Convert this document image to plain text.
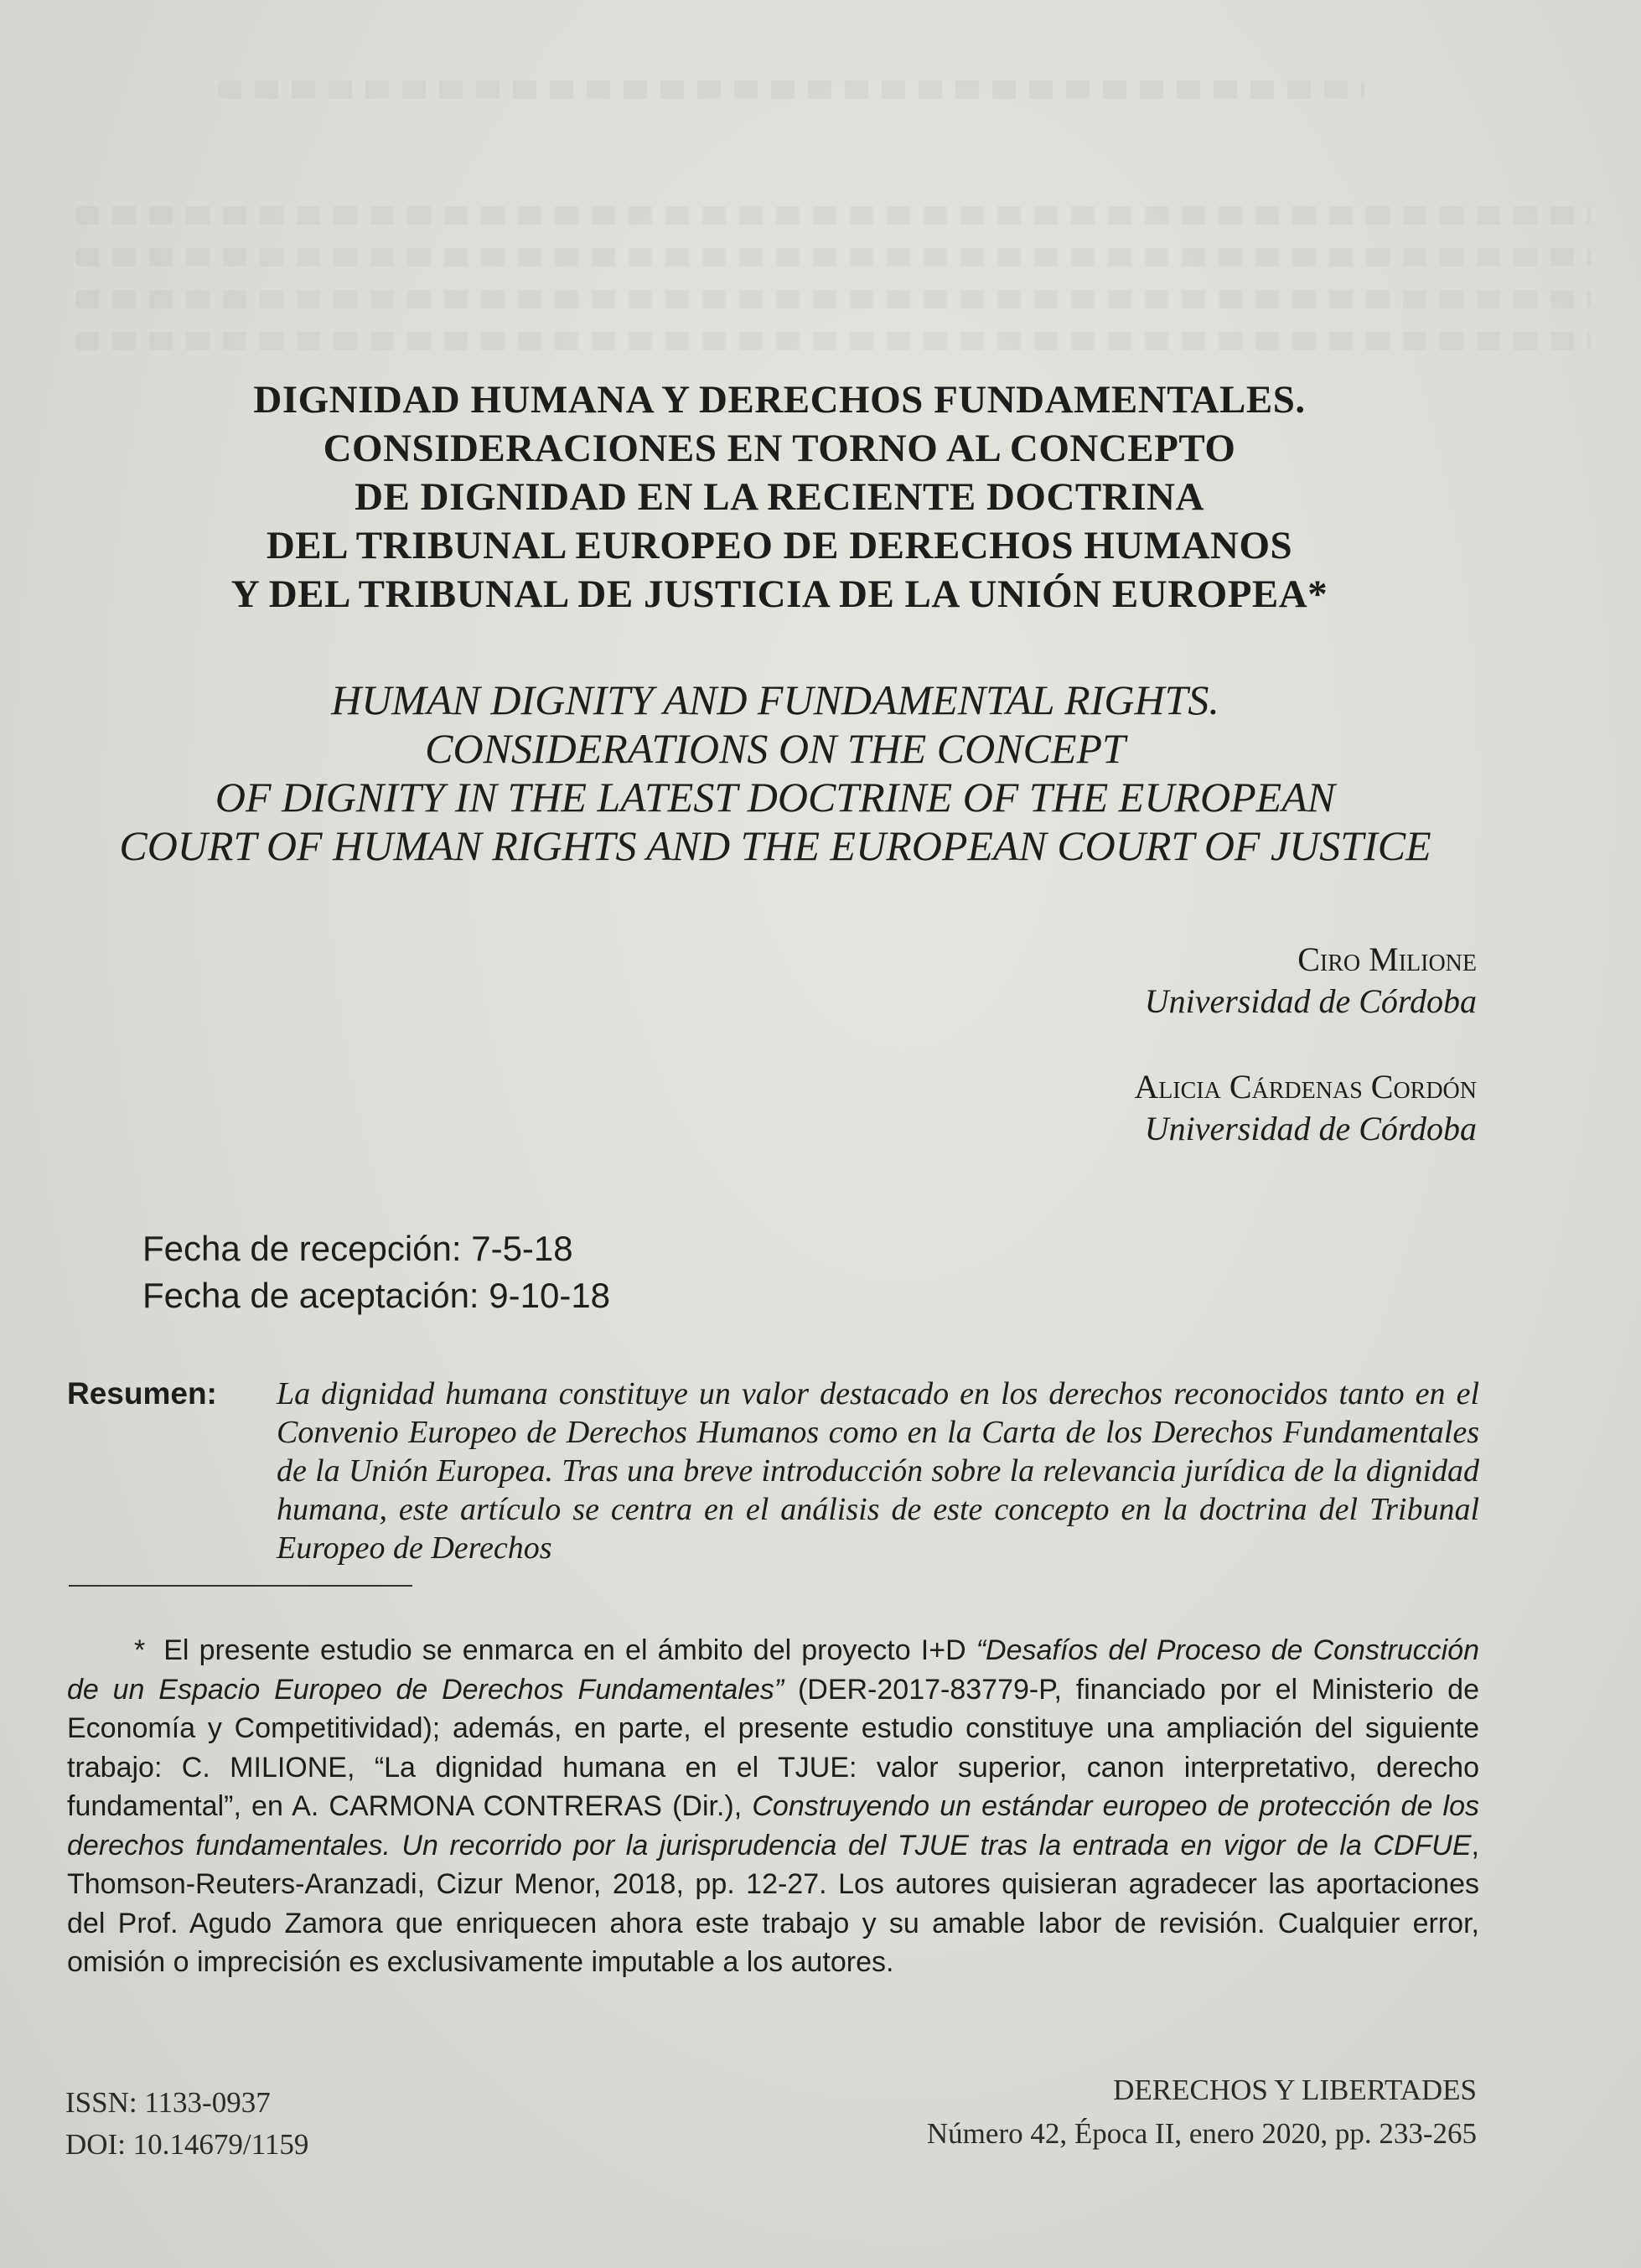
DIGNIDAD HUMANA Y DERECHOS FUNDAMENTALES.
CONSIDERACIONES EN TORNO AL CONCEPTO
DE DIGNIDAD EN LA RECIENTE DOCTRINA
DEL TRIBUNAL EUROPEO DE DERECHOS HUMANOS
Y DEL TRIBUNAL DE JUSTICIA DE LA UNIÓN EUROPEA*
HUMAN DIGNITY AND FUNDAMENTAL RIGHTS.
CONSIDERATIONS ON THE CONCEPT
OF DIGNITY IN THE LATEST DOCTRINE OF THE EUROPEAN
COURT OF HUMAN RIGHTS AND THE EUROPEAN COURT OF JUSTICE
Ciro Milione
Universidad de Córdoba
Alicia Cárdenas Cordón
Universidad de Córdoba
Fecha de recepción: 7-5-18
Fecha de aceptación: 9-10-18
Resumen: La dignidad humana constituye un valor destacado en los derechos reconocidos tanto en el Convenio Europeo de Derechos Humanos como en la Carta de los Derechos Fundamentales de la Unión Europea. Tras una breve introducción sobre la relevancia jurídica de la dignidad humana, este artículo se centra en el análisis de este concepto en la doctrina del Tribunal Europeo de Derechos
* El presente estudio se enmarca en el ámbito del proyecto I+D “Desafíos del Proceso de Construcción de un Espacio Europeo de Derechos Fundamentales” (DER-2017-83779-P, financiado por el Ministerio de Economía y Competitividad); además, en parte, el presente estudio constituye una ampliación del siguiente trabajo: C. MILIONE, “La dignidad humana en el TJUE: valor superior, canon interpretativo, derecho fundamental”, en A. CARMONA CONTRERAS (Dir.), Construyendo un estándar europeo de protección de los derechos fundamentales. Un recorrido por la jurisprudencia del TJUE tras la entrada en vigor de la CDFUE, Thomson-Reuters-Aranzadi, Cizur Menor, 2018, pp. 12-27. Los autores quisieran agradecer las aportaciones del Prof. Agudo Zamora que enriquecen ahora este trabajo y su amable labor de revisión. Cualquier error, omisión o imprecisión es exclusivamente imputable a los autores.
ISSN: 1133-0937
DOI: 10.14679/1159
DERECHOS Y LIBERTADES
Número 42, Época II, enero 2020, pp. 233-265
